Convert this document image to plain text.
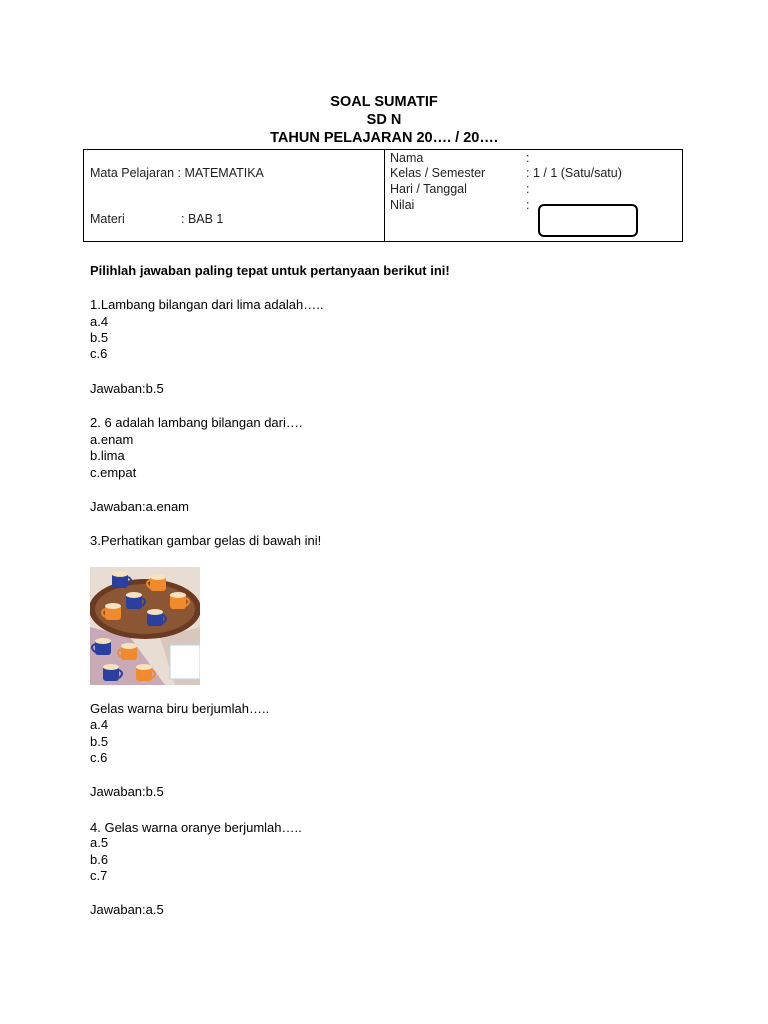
SOAL SUMATIF
SD N
TAHUN PELAJARAN 20…. / 20….
Mata Pelajaran : MATEMATIKA
Materi	: BAB 1
Nama	:
Kelas / Semester	: 1 / 1 (Satu/satu)
Hari / Tanggal	:
Nilai	:
Pilihlah jawaban paling tepat untuk pertanyaan berikut ini!
1.Lambang bilangan dari lima adalah…..
a.4
b.5
c.6
Jawaban:b.5
2. 6 adalah lambang bilangan dari….
a.enam
b.lima
c.empat
Jawaban:a.enam
3.Perhatikan gambar gelas di bawah ini!
Gelas warna biru berjumlah…..
a.4
b.5
c.6
Jawaban:b.5
4. Gelas warna oranye berjumlah…..
a.5
b.6
c.7
Jawaban:a.5
